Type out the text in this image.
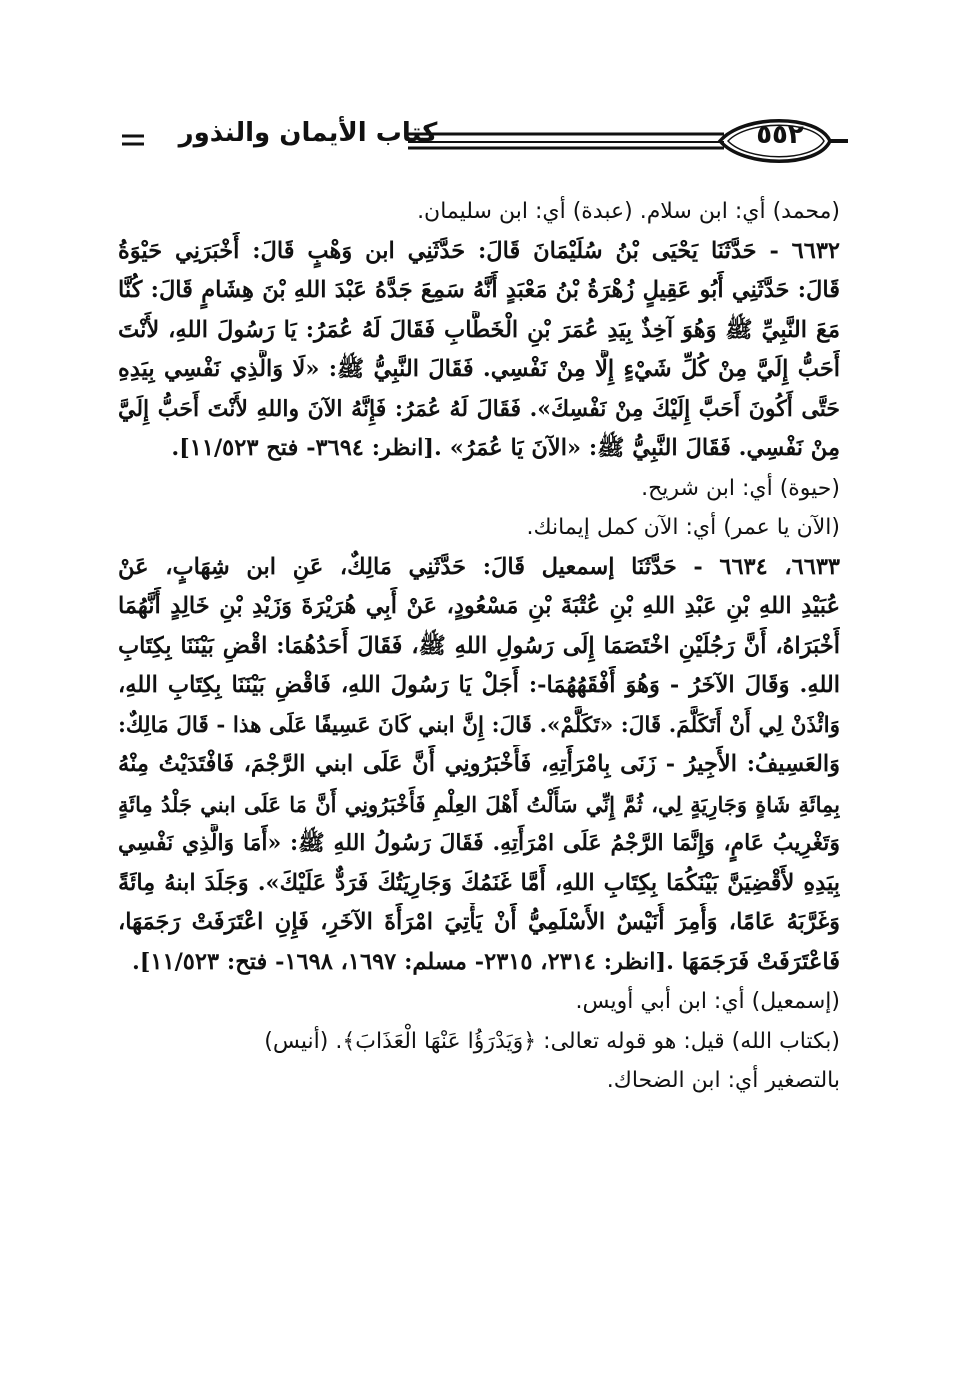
كتاب الأيمان والنذور	٥٥٢

(محمد) أي: ابن سلام. (عبدة) أي: ابن سليمان.

٦٦٣٢ - حَدَّثَنَا يَحْيَى بْنُ سُلَيْمَانَ قَالَ: حَدَّثَنِي ابن وَهْبٍ قَالَ: أَخْبَرَنِي حَيْوَةُ

قَالَ: حَدَّثَنِي أَبُو عَقِيلٍ زُهْرَةُ بْنُ مَعْبَدٍ أَنَّهُ سَمِعَ جَدَّهُ عَبْدَ اللهِ بْنَ هِشَامٍ قَالَ: كُنَّا

مَعَ النَّبِيِّ ﷺ وَهُوَ آخِذٌ بِيَدِ عُمَرَ بْنِ الْخَطَّابِ فَقَالَ لَهُ عُمَرُ: يَا رَسُولَ اللهِ، لأَنْتَ

أَحَبُّ إِلَيَّ مِنْ كُلِّ شَيْءٍ إِلَّا مِنْ نَفْسِي. فَقَالَ النَّبِيُّ ﷺ: «لَا وَالَّذِي نَفْسِي بِيَدِهِ

حَتَّى أَكُونَ أَحَبَّ إِلَيْكَ مِنْ نَفْسِكَ». فَقَالَ لَهُ عُمَرُ: فَإِنَّهُ الآنَ واللهِ لأَنْتَ أَحَبُّ إِلَيَّ

مِنْ نَفْسِي. فَقَالَ النَّبِيُّ ﷺ: «الآنَ يَا عُمَرُ» .[انظر: ٣٦٩٤- فتح ١١/٥٢٣].

(حيوة) أي: ابن شريح.

(الآن يا عمر) أي: الآن كمل إيمانك.

٦٦٣٣، ٦٦٣٤ - حَدَّثَنَا إسمعيل قَالَ: حَدَّثَنِي مَالِكٌ، عَنِ ابن شِهَابٍ، عَنْ

عُبَيْدِ اللهِ بْنِ عَبْدِ اللهِ بْنِ عُتْبَةَ بْنِ مَسْعُودٍ، عَنْ أَبِي هُرَيْرَةَ وَزَيْدِ بْنِ خَالِدٍ أَنَّهُمَا

أَخْبَرَاهُ، أَنَّ رَجُلَيْنِ اخْتَصَمَا إِلَى رَسُولِ اللهِ ﷺ، فَقَالَ أَحَدُهُمَا: اقْضِ بَيْنَنَا بِكِتَابِ

اللهِ. وَقَالَ الآخَرُ - وَهُوَ أَفْقَهُهُمَا-: أَجَلْ يَا رَسُولَ اللهِ، فَاقْضِ بَيْنَنَا بِكِتَابِ اللهِ،

وَائْذَنْ لِي أَنْ أَتَكَلَّمَ. قَالَ: «تَكَلَّمْ». قَالَ: إِنَّ ابني كَانَ عَسِيفًا عَلَى هذا - قَالَ مَالِكٌ:

وَالعَسِيفُ: الأَجِيرُ - زَنَى بِامْرَأَتِهِ، فَأَخْبَرُونِي أَنَّ عَلَى ابني الرَّجْمَ، فَافْتَدَيْتُ مِنْهُ

بِمِائَةِ شَاةٍ وَجَارِيَةٍ لِي، ثُمَّ إِنِّي سَأَلْتُ أَهْلَ العِلْمِ فَأَخْبَرُونِي أَنَّ مَا عَلَى ابني جَلْدُ مِائَةٍ

وَتَغْرِيبُ عَامٍ، وَإِنَّمَا الرَّجْمُ عَلَى امْرَأَتِهِ. فَقَالَ رَسُولُ اللهِ ﷺ: «أَمَا وَالَّذِي نَفْسِي

بِيَدِهِ لأَقْضِيَنَّ بَيْنَكُمَا بِكِتَابِ اللهِ، أَمَّا غَنَمُكَ وَجَارِيَتُكَ فَرَدٌّ عَلَيْكَ». وَجَلَدَ ابنهُ مِائَةً

وَغَرَّبَهُ عَامًا، وَأُمِرَ أُنَيْسٌ الأَسْلَمِيُّ أَنْ يَأْتِيَ امْرَأَةَ الآخَرِ، فَإِنِ اعْتَرَفَتْ رَجَمَهَا،

فَاعْتَرَفَتْ فَرَجَمَهَا .[انظر: ٢٣١٤، ٢٣١٥- مسلم: ١٦٩٧، ١٦٩٨- فتح: ١١/٥٢٣].

(إسمعيل) أي: ابن أبي أويس.

(بكتاب الله) قيل: هو قوله تعالى: ﴿وَيَدْرَؤُا عَنْهَا الْعَذَابَ﴾. (أنيس)

بالتصغير أي: ابن الضحاك.
